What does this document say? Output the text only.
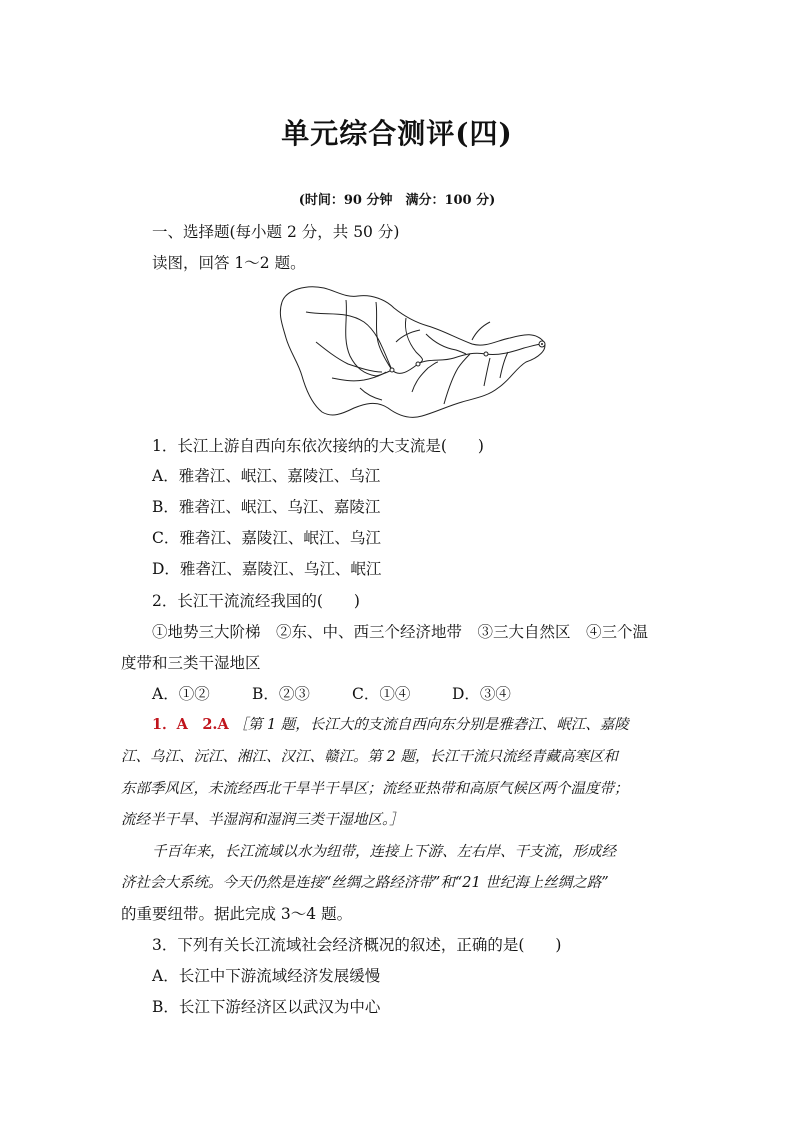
单元综合测评(四)
(时间：90 分钟　满分：100 分)
一、选择题(每小题 2 分，共 50 分)
读图，回答 1～2 题。
1．长江上游自西向东依次接纳的大支流是(　　)
A．雅砻江、岷江、嘉陵江、乌江
B．雅砻江、岷江、乌江、嘉陵江
C．雅砻江、嘉陵江、岷江、乌江
D．雅砻江、嘉陵江、乌江、岷江
2．长江干流流经我国的(　　)
①地势三大阶梯　②东、中、西三个经济地带　③三大自然区　④三个温
度带和三类干湿地区
A．①②	B．②③	C．①④	D．③④
1．A　2.A ［第 1 题，长江大的支流自西向东分别是雅砻江、岷江、嘉陵
江、乌江、沅江、湘江、汉江、赣江。第 2 题，长江干流只流经青藏高寒区和
东部季风区，未流经西北干旱半干旱区；流经亚热带和高原气候区两个温度带；
流经半干旱、半湿润和湿润三类干湿地区。］
千百年来，长江流域以水为纽带，连接上下游、左右岸、干支流，形成经
济社会大系统。今天仍然是连接“丝绸之路经济带”和“21 世纪海上丝绸之路”
的重要纽带。据此完成 3～4 题。
3．下列有关长江流域社会经济概况的叙述，正确的是(　　)
A．长江中下游流域经济发展缓慢
B．长江下游经济区以武汉为中心
